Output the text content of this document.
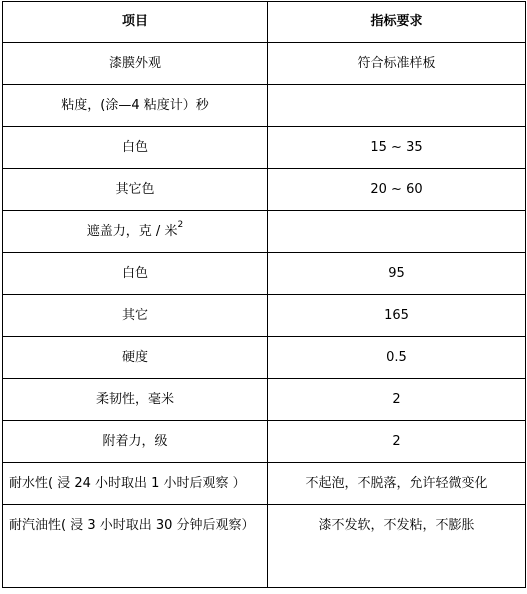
项目	指标要求
漆膜外观	符合标准样板
粘度，(涂—4 粘度计）秒	
白色	15 ~ 35
其它色	20 ~ 60
遮盖力，克 / 米$^2$	
白色	95
其它	165
硬度	0.5
柔韧性，毫米	2
附着力，级	2
耐水性( 浸 24 小时取出 1 小时后观察 ）	不起泡，不脱落，允许轻微变化
耐汽油性( 浸 3 小时取出 30 分钟后观察）	漆不发软，不发粘，不膨胀
